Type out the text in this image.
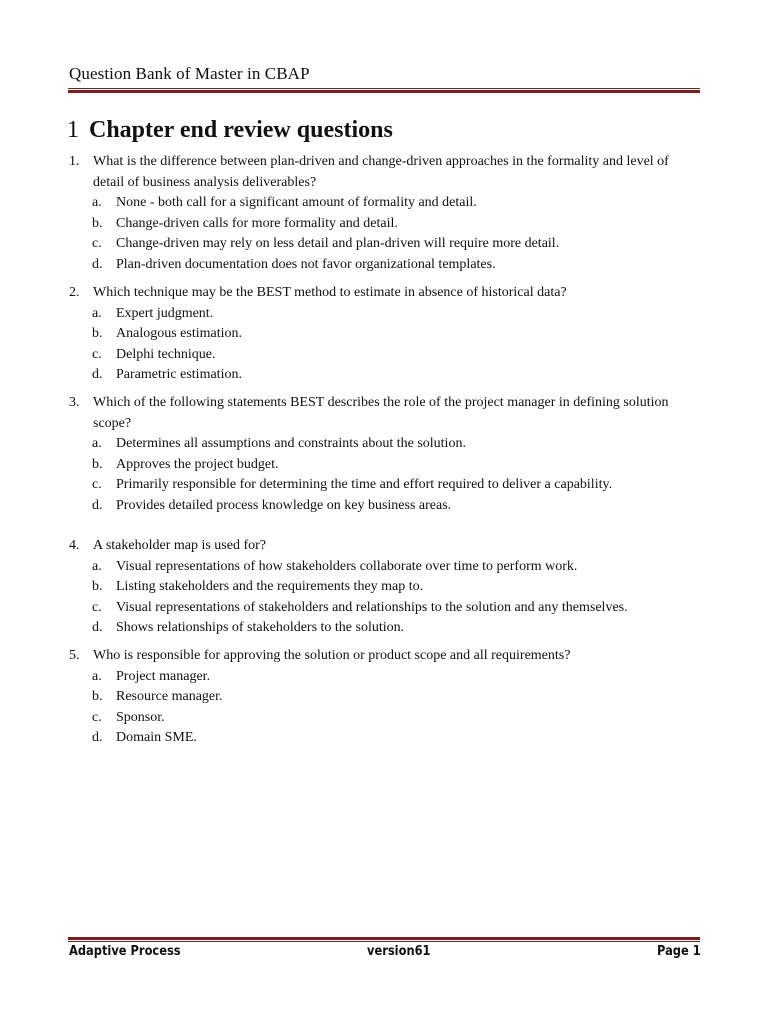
Question Bank of Master in CBAP
1 Chapter end review questions
1. What is the difference between plan-driven and change-driven approaches in the formality and level of detail of business analysis deliverables?
a. None - both call for a significant amount of formality and detail.
b. Change-driven calls for more formality and detail.
c. Change-driven may rely on less detail and plan-driven will require more detail.
d. Plan-driven documentation does not favor organizational templates.
2. Which technique may be the BEST method to estimate in absence of historical data?
a. Expert judgment.
b. Analogous estimation.
c. Delphi technique.
d. Parametric estimation.
3. Which of the following statements BEST describes the role of the project manager in defining solution scope?
a. Determines all assumptions and constraints about the solution.
b. Approves the project budget.
c. Primarily responsible for determining the time and effort required to deliver a capability.
d. Provides detailed process knowledge on key business areas.
4. A stakeholder map is used for?
a. Visual representations of how stakeholders collaborate over time to perform work.
b. Listing stakeholders and the requirements they map to.
c. Visual representations of stakeholders and relationships to the solution and any themselves.
d. Shows relationships of stakeholders to the solution.
5. Who is responsible for approving the solution or product scope and all requirements?
a. Project manager.
b. Resource manager.
c. Sponsor.
d. Domain SME.
Adaptive Process	version61	Page 1
